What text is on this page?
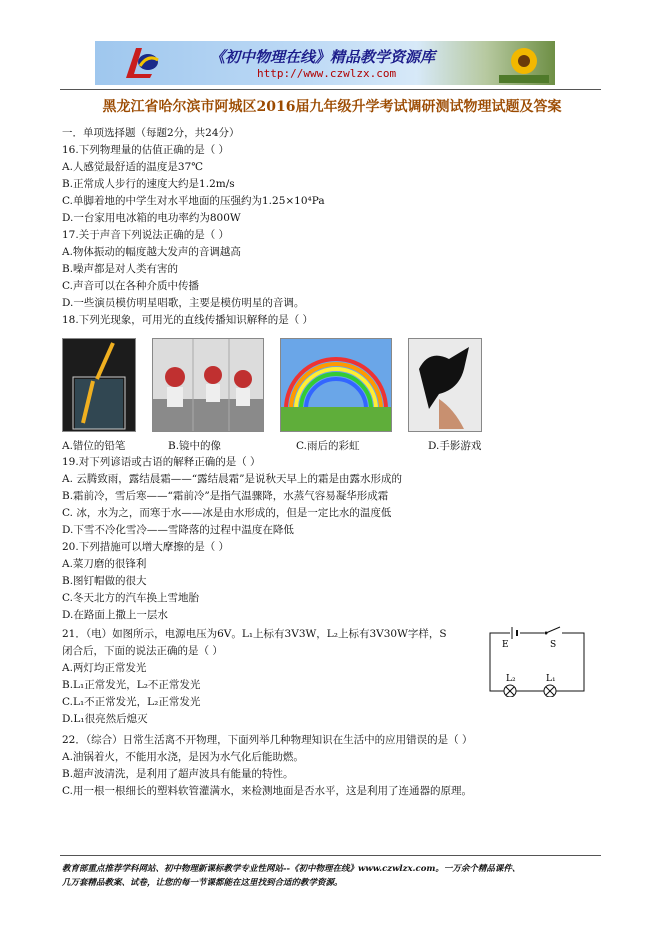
《初中物理在线》精品教学资源库
http://www.czwlzx.com
黑龙江省哈尔滨市阿城区2016届九年级升学考试调研测试物理试题及答案
一．单项选择题（每题2分，共24分）
16.下列物理量的估值正确的是（ ）
A.人感觉最舒适的温度是37℃
B.正常成人步行的速度大约是1.2m/s
C.单脚着地的中学生对水平地面的压强约为1.25×10⁴Pa
D.一台家用电冰箱的电功率约为800W
17.关于声音下列说法正确的是（ ）
A.物体振动的幅度越大发声的音调越高
B.噪声都是对人类有害的
C.声音可以在各种介质中传播
D.一些演员模仿明星唱歌，主要是模仿明星的音调。
18.下列光现象，可用光的直线传播知识解释的是（ ）
A.错位的铅笔	B.镜中的像	C.雨后的彩虹	D.手影游戏
19.对下列谚语或古语的解释正确的是（ ）
A. 云腾致雨，露结晨霜——“露结晨霜”是说秋天早上的霜是由露水形成的
B.霜前冷，雪后寒——“霜前冷”是指气温骤降，水蒸气容易凝华形成霜
C. 冰，水为之，而寒于水——冰是由水形成的，但是一定比水的温度低
D.下雪不冷化雪冷——雪降落的过程中温度在降低
20.下列措施可以增大摩擦的是（ ）
A.菜刀磨的很锋利
B.图钉帽做的很大
C.冬天北方的汽车换上雪地胎
D.在路面上撒上一层水
21．（电）如图所示，电源电压为6V。L₁上标有3V3W，L₂上标有3V30W字样，S
闭合后，下面的说法正确的是（ ）
A.两灯均正常发光
B.L₁正常发光，L₂不正常发光
C.L₁不正常发光，L₂正常发光
D.L₁很亮然后熄灭
22．（综合）日常生活离不开物理，下面列举几种物理知识在生活中的应用错误的是（ ）
A.油锅着火，不能用水浇，是因为水气化后能助燃。
B.超声波清洗，是利用了超声波具有能量的特性。
C.用一根一根细长的塑料软管灌满水，来检测地面是否水平，这是利用了连通器的原理。
E	S
L₂	L₁
教育部重点推荐学科网站、初中物理新课标教学专业性网站--《初中物理在线》www.czwlzx.com。一万余个精品课件、
几万套精品教案、试卷，让您的每一节课都能在这里找到合适的教学资源。
